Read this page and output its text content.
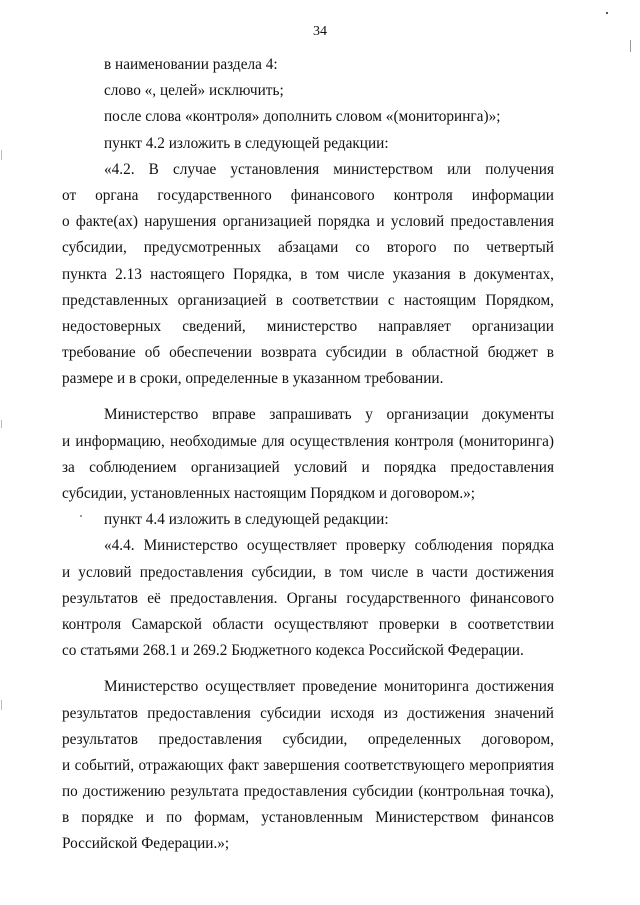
34
в наименовании раздела 4:
слово «, целей» исключить;
после слова «контроля» дополнить словом «(мониторинга)»;
пункт 4.2 изложить в следующей редакции:
«4.2. В случае установления министерством или получения
от органа государственного финансового контроля информации
о факте(ах) нарушения организацией порядка и условий предоставления
субсидии, предусмотренных абзацами со второго по четвертый
пункта 2.13 настоящего Порядка, в том числе указания в документах,
представленных организацией в соответствии с настоящим Порядком,
недостоверных сведений, министерство направляет организации
требование об обеспечении возврата субсидии в областной бюджет в
размере и в сроки, определенные в указанном требовании.
Министерство вправе запрашивать у организации документы
и информацию, необходимые для осуществления контроля (мониторинга)
за соблюдением организацией условий и порядка предоставления
субсидии, установленных настоящим Порядком и договором.»;
пункт 4.4 изложить в следующей редакции:
«4.4. Министерство осуществляет проверку соблюдения порядка
и условий предоставления субсидии, в том числе в части достижения
результатов её предоставления. Органы государственного финансового
контроля Самарской области осуществляют проверки в соответствии
со статьями 268.1 и 269.2 Бюджетного кодекса Российской Федерации.
Министерство осуществляет проведение мониторинга достижения
результатов предоставления субсидии исходя из достижения значений
результатов предоставления субсидии, определенных договором,
и событий, отражающих факт завершения соответствующего мероприятия
по достижению результата предоставления субсидии (контрольная точка),
в порядке и по формам, установленным Министерством финансов
Российской Федерации.»;
